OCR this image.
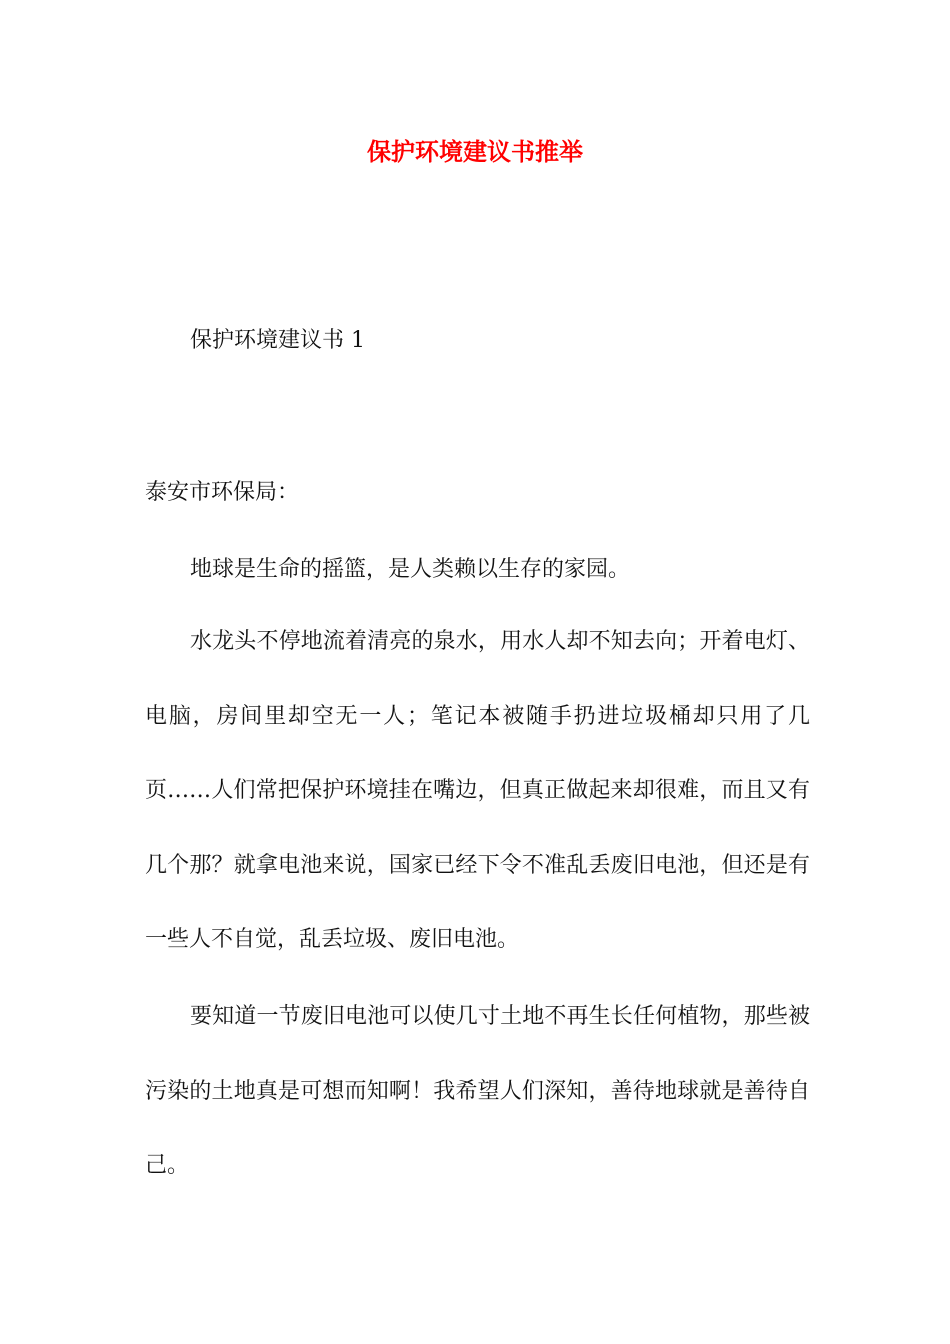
保护环境建议书推举

保护环境建议书 1

泰安市环保局：

地球是生命的摇篮，是人类赖以生存的家园。

水龙头不停地流着清亮的泉水，用水人却不知去向；开着电灯、电脑，房间里却空无一人；笔记本被随手扔进垃圾桶却只用了几页……人们常把保护环境挂在嘴边，但真正做起来却很难，而且又有几个那？就拿电池来说，国家已经下令不准乱丢废旧电池，但还是有一些人不自觉，乱丢垃圾、废旧电池。

要知道一节废旧电池可以使几寸土地不再生长任何植物，那些被污染的土地真是可想而知啊！我希望人们深知，善待地球就是善待自己。
